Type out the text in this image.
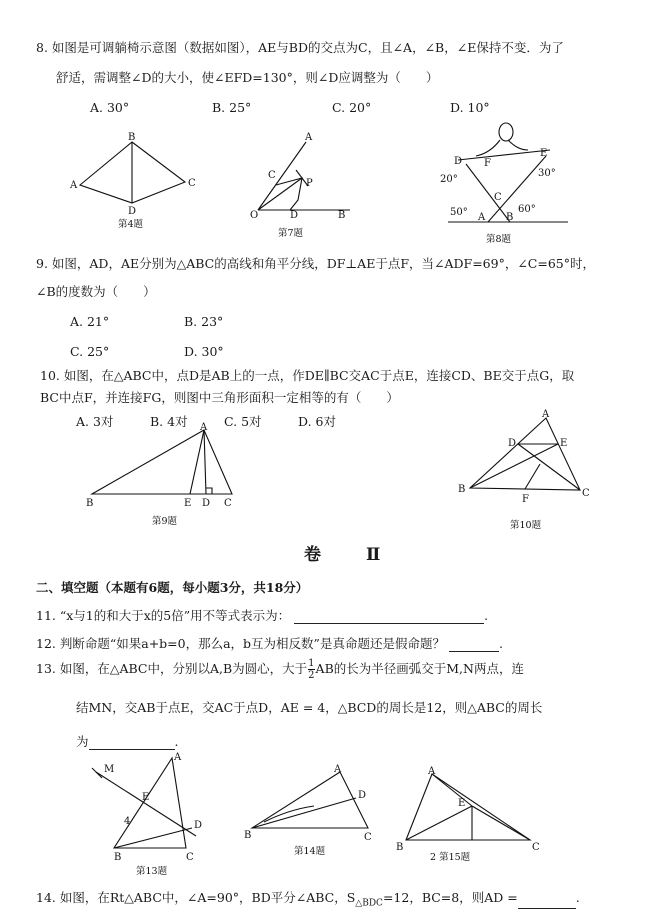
8. 如图是可调躺椅示意图（数据如图），AE与BD的交点为C，且∠A，∠B，∠E保持不变．为了
舒适，需调整∠D的大小，使∠EFD=130°，则∠D应调整为（　　）
A. 30°	B. 25°	C. 20°	D. 10°
B
A	C
D
第4题
A
C
P
O	D	B
第7题
D F
E
20°
30°
C
50°	60°
A B
第8题
9. 如图，AD，AE分别为△ABC的高线和角平分线，DF⊥AE于点F，当∠ADF=69°，∠C=65°时，
∠B的度数为（　　）
A. 21°	B. 23°
C. 25°	D. 30°
10. 如图，在△ABC中，点D是AB上的一点，作DE∥BC交AC于点E，连接CD、BE交于点G，取
BC中点F，并连接FG，则图中三角形面积一定相等的有（　　）
A. 3对	B. 4对	C. 5对	D. 6对
A
B	E D C
第9题
A
D	E
B
F
C
第10题
卷　Ⅱ
二、填空题（本题有6题，每小题3分，共18分）
11. “x与1的和大于x的5倍”用不等式表示为：	.
12. 判断命题“如果a+b=0，那么a，b互为相反数”是真命题还是假命题？	.
13. 如图，在△ABC中，分别以A,B为圆心，大于 $\frac{1}{2}$ AB的长为半径画弧交于M,N两点，连
结MN，交AB于点E，交AC于点D，AE = 4，△BCD的周长是12，则△ABC的周长
为	.
M
A
E
4	D
B	C
第13题
A
D
B	C
第14题
A
E
B	C
2 第15题
14. 如图，在Rt△ABC中，∠A=90°，BD平分∠ABC，$S_{\triangle BDC}=12$，BC=8，则AD =	.
